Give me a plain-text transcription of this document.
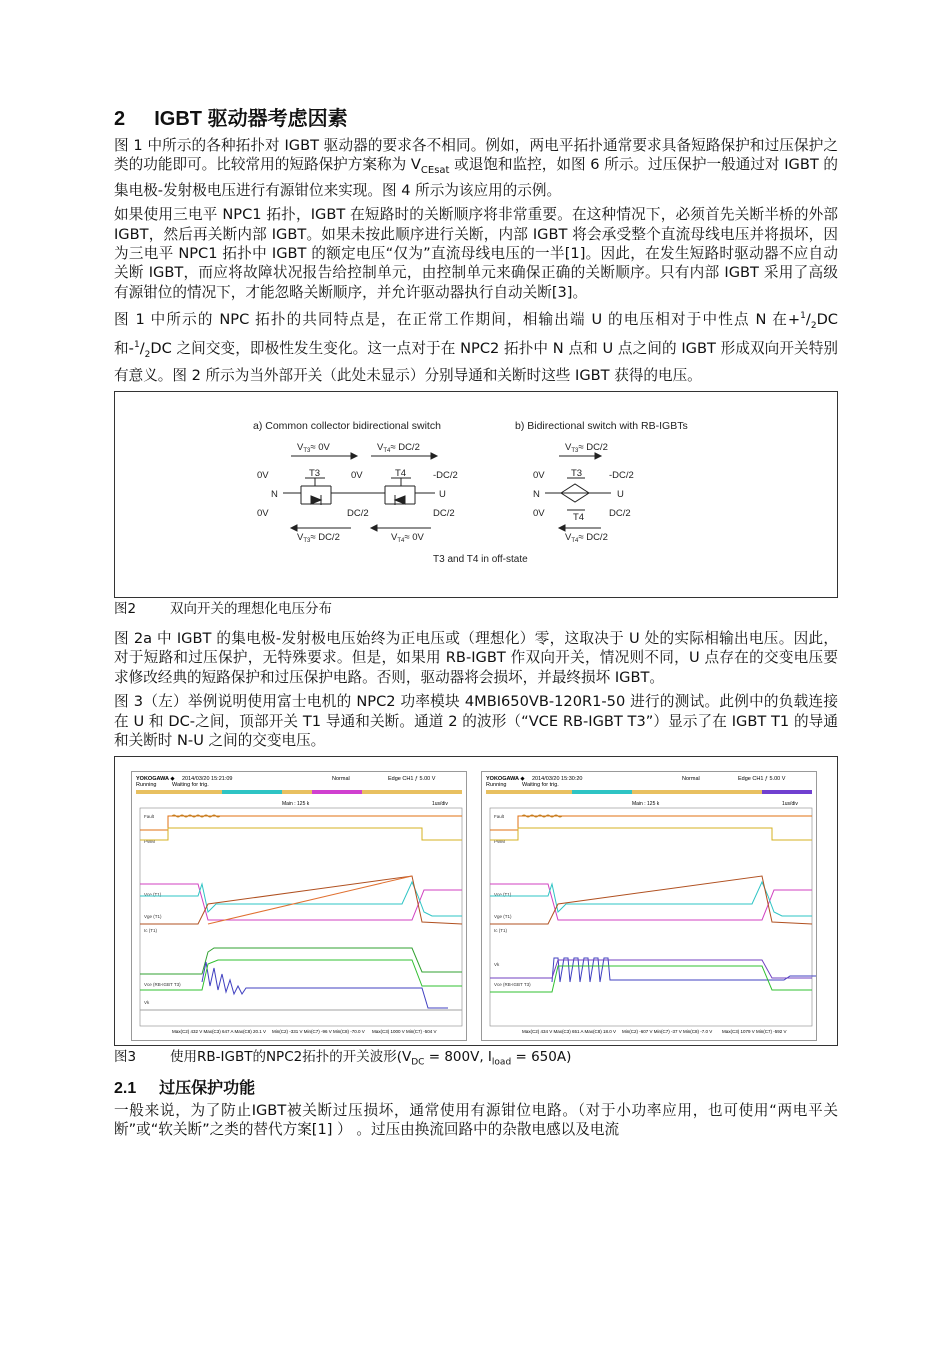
2 IGBT 驱动器考虑因素

图 1 中所示的各种拓扑对 IGBT 驱动器的要求各不相同。例如，两电平拓扑通常要求具备短路保护和过压保护之类的功能即可。比较常用的短路保护方案称为 $V_{CEsat}$ 或退饱和监控，如图 6 所示。过压保护一般通过对 IGBT 的集电极-发射极电压进行有源钳位来实现。图 4 所示为该应用的示例。

如果使用三电平 NPC1 拓扑，IGBT 在短路时的关断顺序将非常重要。在这种情况下，必须首先关断半桥的外部 IGBT，然后再关断内部 IGBT。如果未按此顺序进行关断，内部 IGBT 将会承受整个直流母线电压并将损坏，因为三电平 NPC1 拓扑中 IGBT 的额定电压“仅为”直流母线电压的一半[1]。因此，在发生短路时驱动器不应自动关断 IGBT，而应将故障状况报告给控制单元，由控制单元来确保正确的关断顺序。只有内部 IGBT 采用了高级有源钳位的情况下，才能忽略关断顺序，并允许驱动器执行自动关断[3]。

图 1 中所示的 NPC 拓扑的共同特点是，在正常工作期间，相输出端 U 的电压相对于中性点 N 在$+^1/_2DC$ 和$-^1/_2DC$ 之间交变，即极性发生变化。这一点对于在 NPC2 拓扑中 N 点和 U 点之间的 IGBT 形成双向开关特别有意义。图 2 所示为当外部开关（此处未显示）分别导通和关断时这些 IGBT 获得的电压。

a) Common collector bidirectional switch	b) Bidirectional switch with RB-IGBTs
$V_{T3}\approx 0V$	$V_{T4}\approx DC/2$	$V_{T3}\approx DC/2$
0V	T3	0V	T4	-DC/2
N	U
0V	DC/2	DC/2
0V	T3	-DC/2
N	U
0V	T4	DC/2
$V_{T3}\approx DC/2$	$V_{T4}\approx 0V$	$V_{T4}\approx DC/2$
T3 and T4 in off-state
图2	双向开关的理想化电压分布

图 2a 中 IGBT 的集电极-发射极电压始终为正电压或（理想化）零，这取决于 U 处的实际相输出电压。因此，对于短路和过压保护，无特殊要求。但是，如果用 RB-IGBT 作双向开关，情况则不同，U 点存在的交变电压要求修改经典的短路保护和过压保护电路。否则，驱动器将会损坏，并最终损坏 IGBT。

图 3（左）举例说明使用富士电机的 NPC2 功率模块 4MBI650VB-120R1-50 进行的测试。此例中的负载连接在 U 和 DC-之间，顶部开关 T1 导通和关断。通道 2 的波形（“VCE RB-IGBT T3”）显示了在 IGBT T1 的导通和关断时 N-U 之间的交变电压。

YOKOGAWA ◆ 2014/03/20 15:21:09
Running	Waiting for trig.
Normal	Edge CH1 ƒ 5.00 V
Main : 125 k	1us/div
Fault
PWM
Vce (T1)
Vge (T1)
Ic (T1)
Vce (RB-IGBT T3)
Vk
Max(C2) 432 V Max(C3) 647 A Max(C8) 20.1 V Min(C2) -331 V Min(C7) -96 V Min(C8) -70.0 V Max(C3) 1000 V Min(C7) -504 V
YOKOGAWA ◆ 2014/03/20 15:30:20
Running	Waiting for trig.
Normal	Edge CH1 ƒ 5.00 V
Main : 125 k	1us/div
Fault
PWM
Vce (T1)
Vge (T1)
Ic (T1)
Vk
Vce (RB-IGBT T3)
Max(C2) 434 V Max(C3) 651 A Max(C8) 18.0 V Min(C2) -607 V Min(C7) -37 V Min(C8) -7.0 V Max(C3) 1079 V Min(C7) -592 V
图3	使用RB-IGBT的NPC2拓扑的开关波形($V_{DC} = 800V$, $I_{load} = 650A$)
2.1 过压保护功能

一般来说，为了防止IGBT被关断过压损坏，通常使用有源钳位电路。（对于小功率应用，也可使用“两电平关断”或“软关断”之类的替代方案[1] ） 。过压由换流回路中的杂散电感以及电流
